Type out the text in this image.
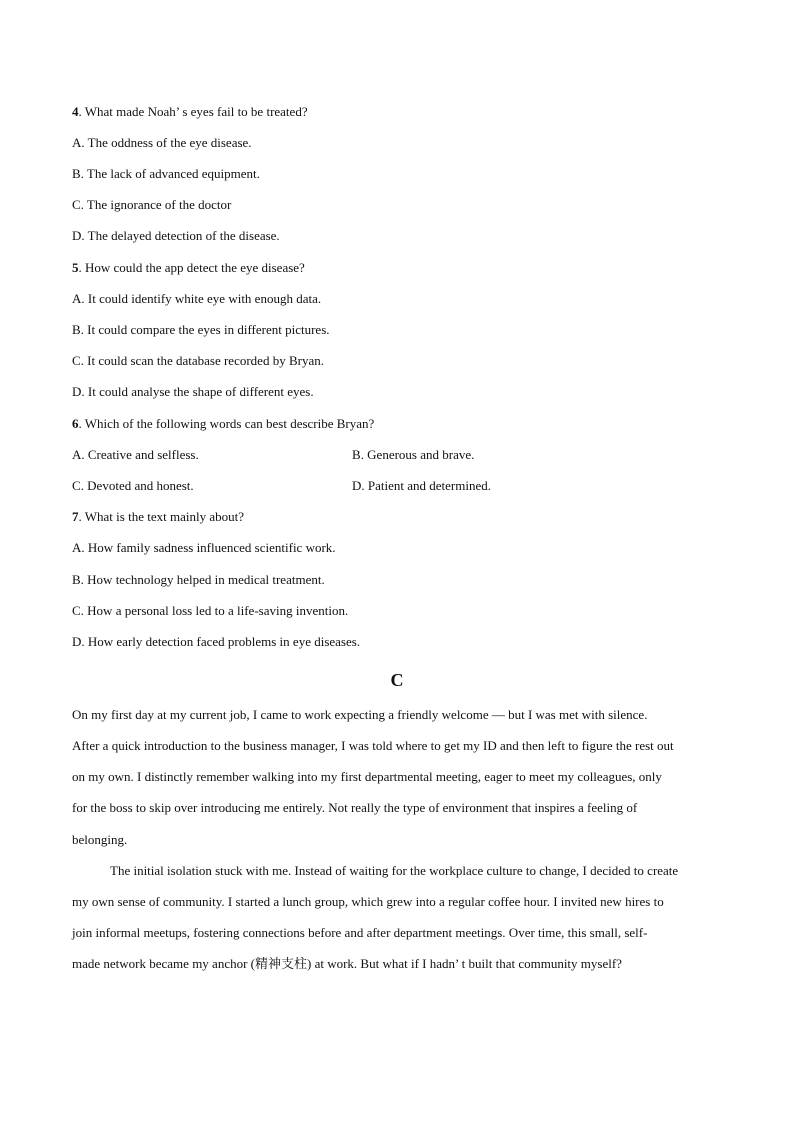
4. What made Noah’ s eyes fail to be treated?
A. The oddness of the eye disease.
B. The lack of advanced equipment.
C. The ignorance of the doctor
D. The delayed detection of the disease.
5. How could the app detect the eye disease?
A. It could identify white eye with enough data.
B. It could compare the eyes in different pictures.
C. It could scan the database recorded by Bryan.
D. It could analyse the shape of different eyes.
6. Which of the following words can best describe Bryan?
A. Creative and selfless.	B. Generous and brave.
C. Devoted and honest.	D. Patient and determined.
7. What is the text mainly about?
A. How family sadness influenced scientific work.
B. How technology helped in medical treatment.
C. How a personal loss led to a life-saving invention.
D. How early detection faced problems in eye diseases.
C
On my first day at my current job, I came to work expecting a friendly welcome — but I was met with silence.
After a quick introduction to the business manager, I was told where to get my ID and then left to figure the rest out
on my own. I distinctly remember walking into my first departmental meeting, eager to meet my colleagues, only
for the boss to skip over introducing me entirely. Not really the type of environment that inspires a feeling of
belonging.
The initial isolation stuck with me. Instead of waiting for the workplace culture to change, I decided to create
my own sense of community. I started a lunch group, which grew into a regular coffee hour. I invited new hires to
join informal meetups, fostering connections before and after department meetings. Over time, this small, self-
made network became my anchor (精神支柱) at work. But what if I hadn’ t built that community myself?
